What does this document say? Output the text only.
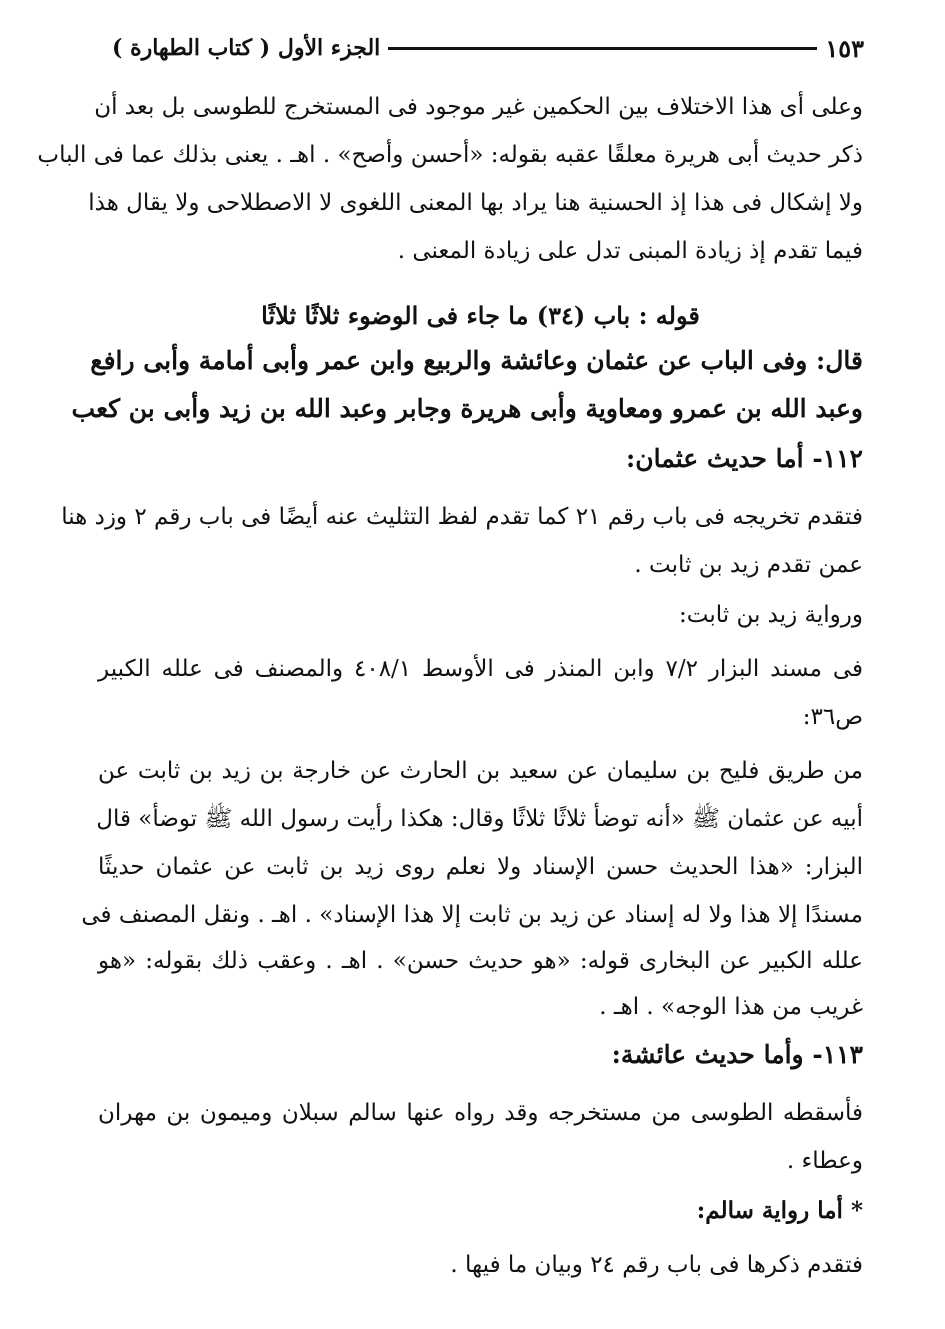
الجزء الأول ( كتاب الطهارة )	١٥٣
وعلى أى هذا الاختلاف بين الحكمين غير موجود فى المستخرج للطوسى بل بعد أن
ذكر حديث أبى هريرة معلقًا عقبه بقوله: «أحسن وأصح» . اهـ . يعنى بذلك عما فى الباب
ولا إشكال فى هذا إذ الحسنية هنا يراد بها المعنى اللغوى لا الاصطلاحى ولا يقال هذا
فيما تقدم إذ زيادة المبنى تدل على زيادة المعنى .
قوله : باب (٣٤) ما جاء فى الوضوء ثلاثًا ثلاثًا
قال: وفى الباب عن عثمان وعائشة والربيع وابن عمر وأبى أمامة وأبى رافع
وعبد الله بن عمرو ومعاوية وأبى هريرة وجابر وعبد الله بن زيد وأبى بن كعب
١١٢- أما حديث عثمان:
فتقدم تخريجه فى باب رقم ٢١ كما تقدم لفظ التثليث عنه أيضًا فى باب رقم ٢ وزد هنا
عمن تقدم زيد بن ثابت .
ورواية زيد بن ثابت:
فى مسند البزار ٧/٢ وابن المنذر فى الأوسط ٤٠٨/١ والمصنف فى علله الكبير
ص٣٦:
من طريق فليح بن سليمان عن سعيد بن الحارث عن خارجة بن زيد بن ثابت عن
أبيه عن عثمان ﷺ «أنه توضأ ثلاثًا ثلاثًا وقال: هكذا رأيت رسول الله ﷺ توضأ» قال
البزار: «هذا الحديث حسن الإسناد ولا نعلم روى زيد بن ثابت عن عثمان حديثًا
مسندًا إلا هذا ولا له إسناد عن زيد بن ثابت إلا هذا الإسناد» . اهـ . ونقل المصنف فى
علله الكبير عن البخارى قوله: «هو حديث حسن» . اهـ . وعقب ذلك بقوله: «هو
غريب من هذا الوجه» . اهـ .
١١٣- وأما حديث عائشة:
فأسقطه الطوسى من مستخرجه وقد رواه عنها سالم سبلان وميمون بن مهران
وعطاء .
* أما رواية سالم:
فتقدم ذكرها فى باب رقم ٢٤ وبيان ما فيها .
